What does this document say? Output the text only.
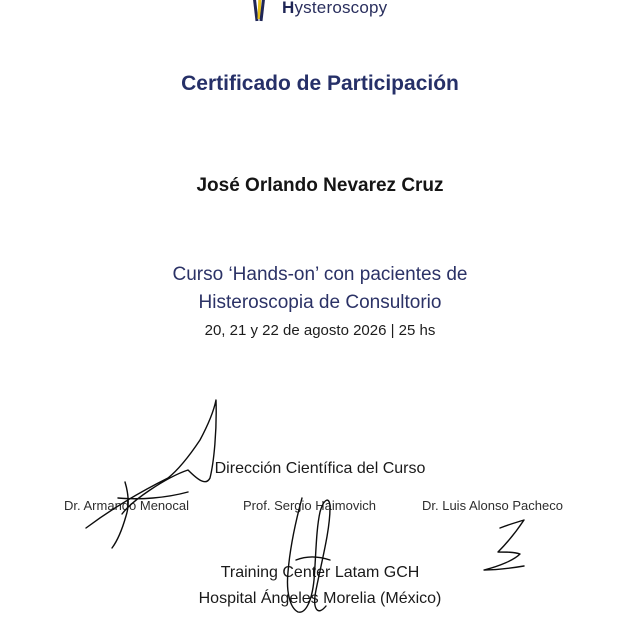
Hysteroscopy
Certificado de Participación
José Orlando Nevarez Cruz
Curso ‘Hands-on’ con pacientes de
Histeroscopia de Consultorio
20, 21 y 22 de agosto 2026 | 25 hs
Dirección Científica del Curso
Dr. Armando Menocal	Prof. Sergio Haimovich	Dr. Luis Alonso Pacheco
Training Center Latam GCH
Hospital Ángeles Morelia (México)
